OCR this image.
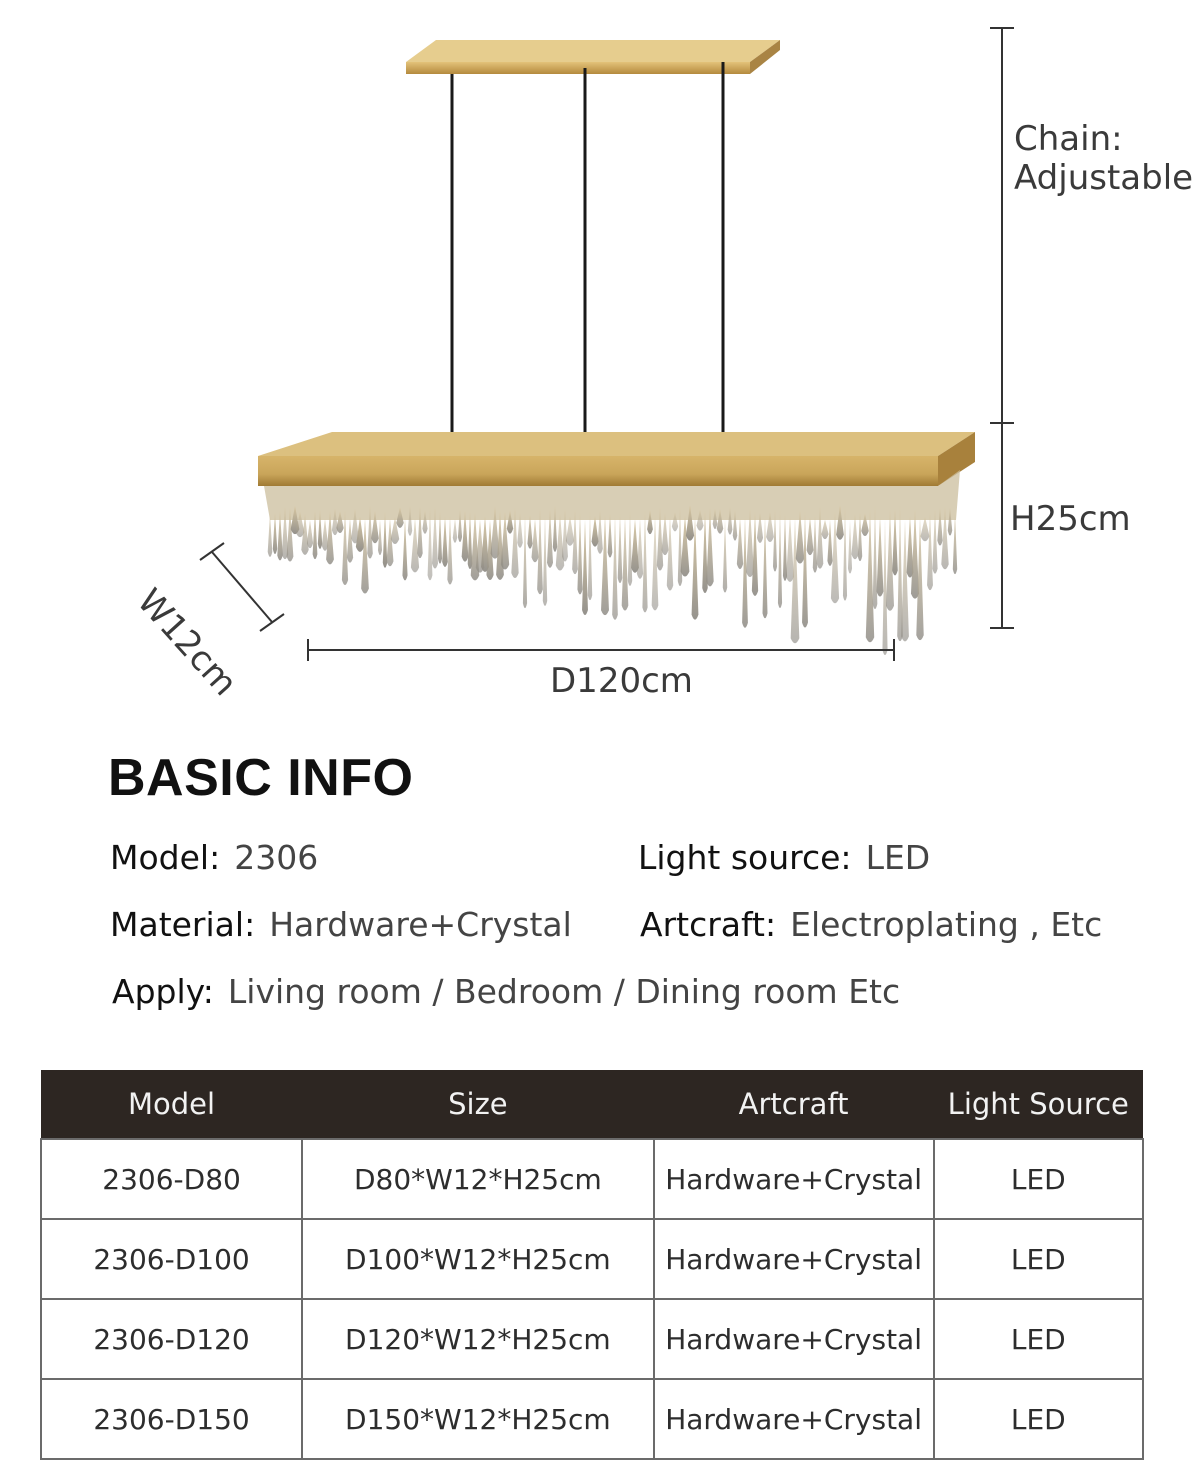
Chain:
Adjustable
H25cm
W12cm	D120cm
BASIC INFO
Model: 2306	Light source: LED
Material: Hardware+Crystal Artcraft: Electroplating , Etc
Apply: Living room / Bedroom / Dining room Etc
Model	Size	Artcraft	Light Source
2306-D80	D80*W12*H25cm	Hardware+Crystal	LED
2306-D100	D100*W12*H25cm	Hardware+Crystal	LED
2306-D120	D120*W12*H25cm	Hardware+Crystal	LED
2306-D150	D150*W12*H25cm	Hardware+Crystal	LED
